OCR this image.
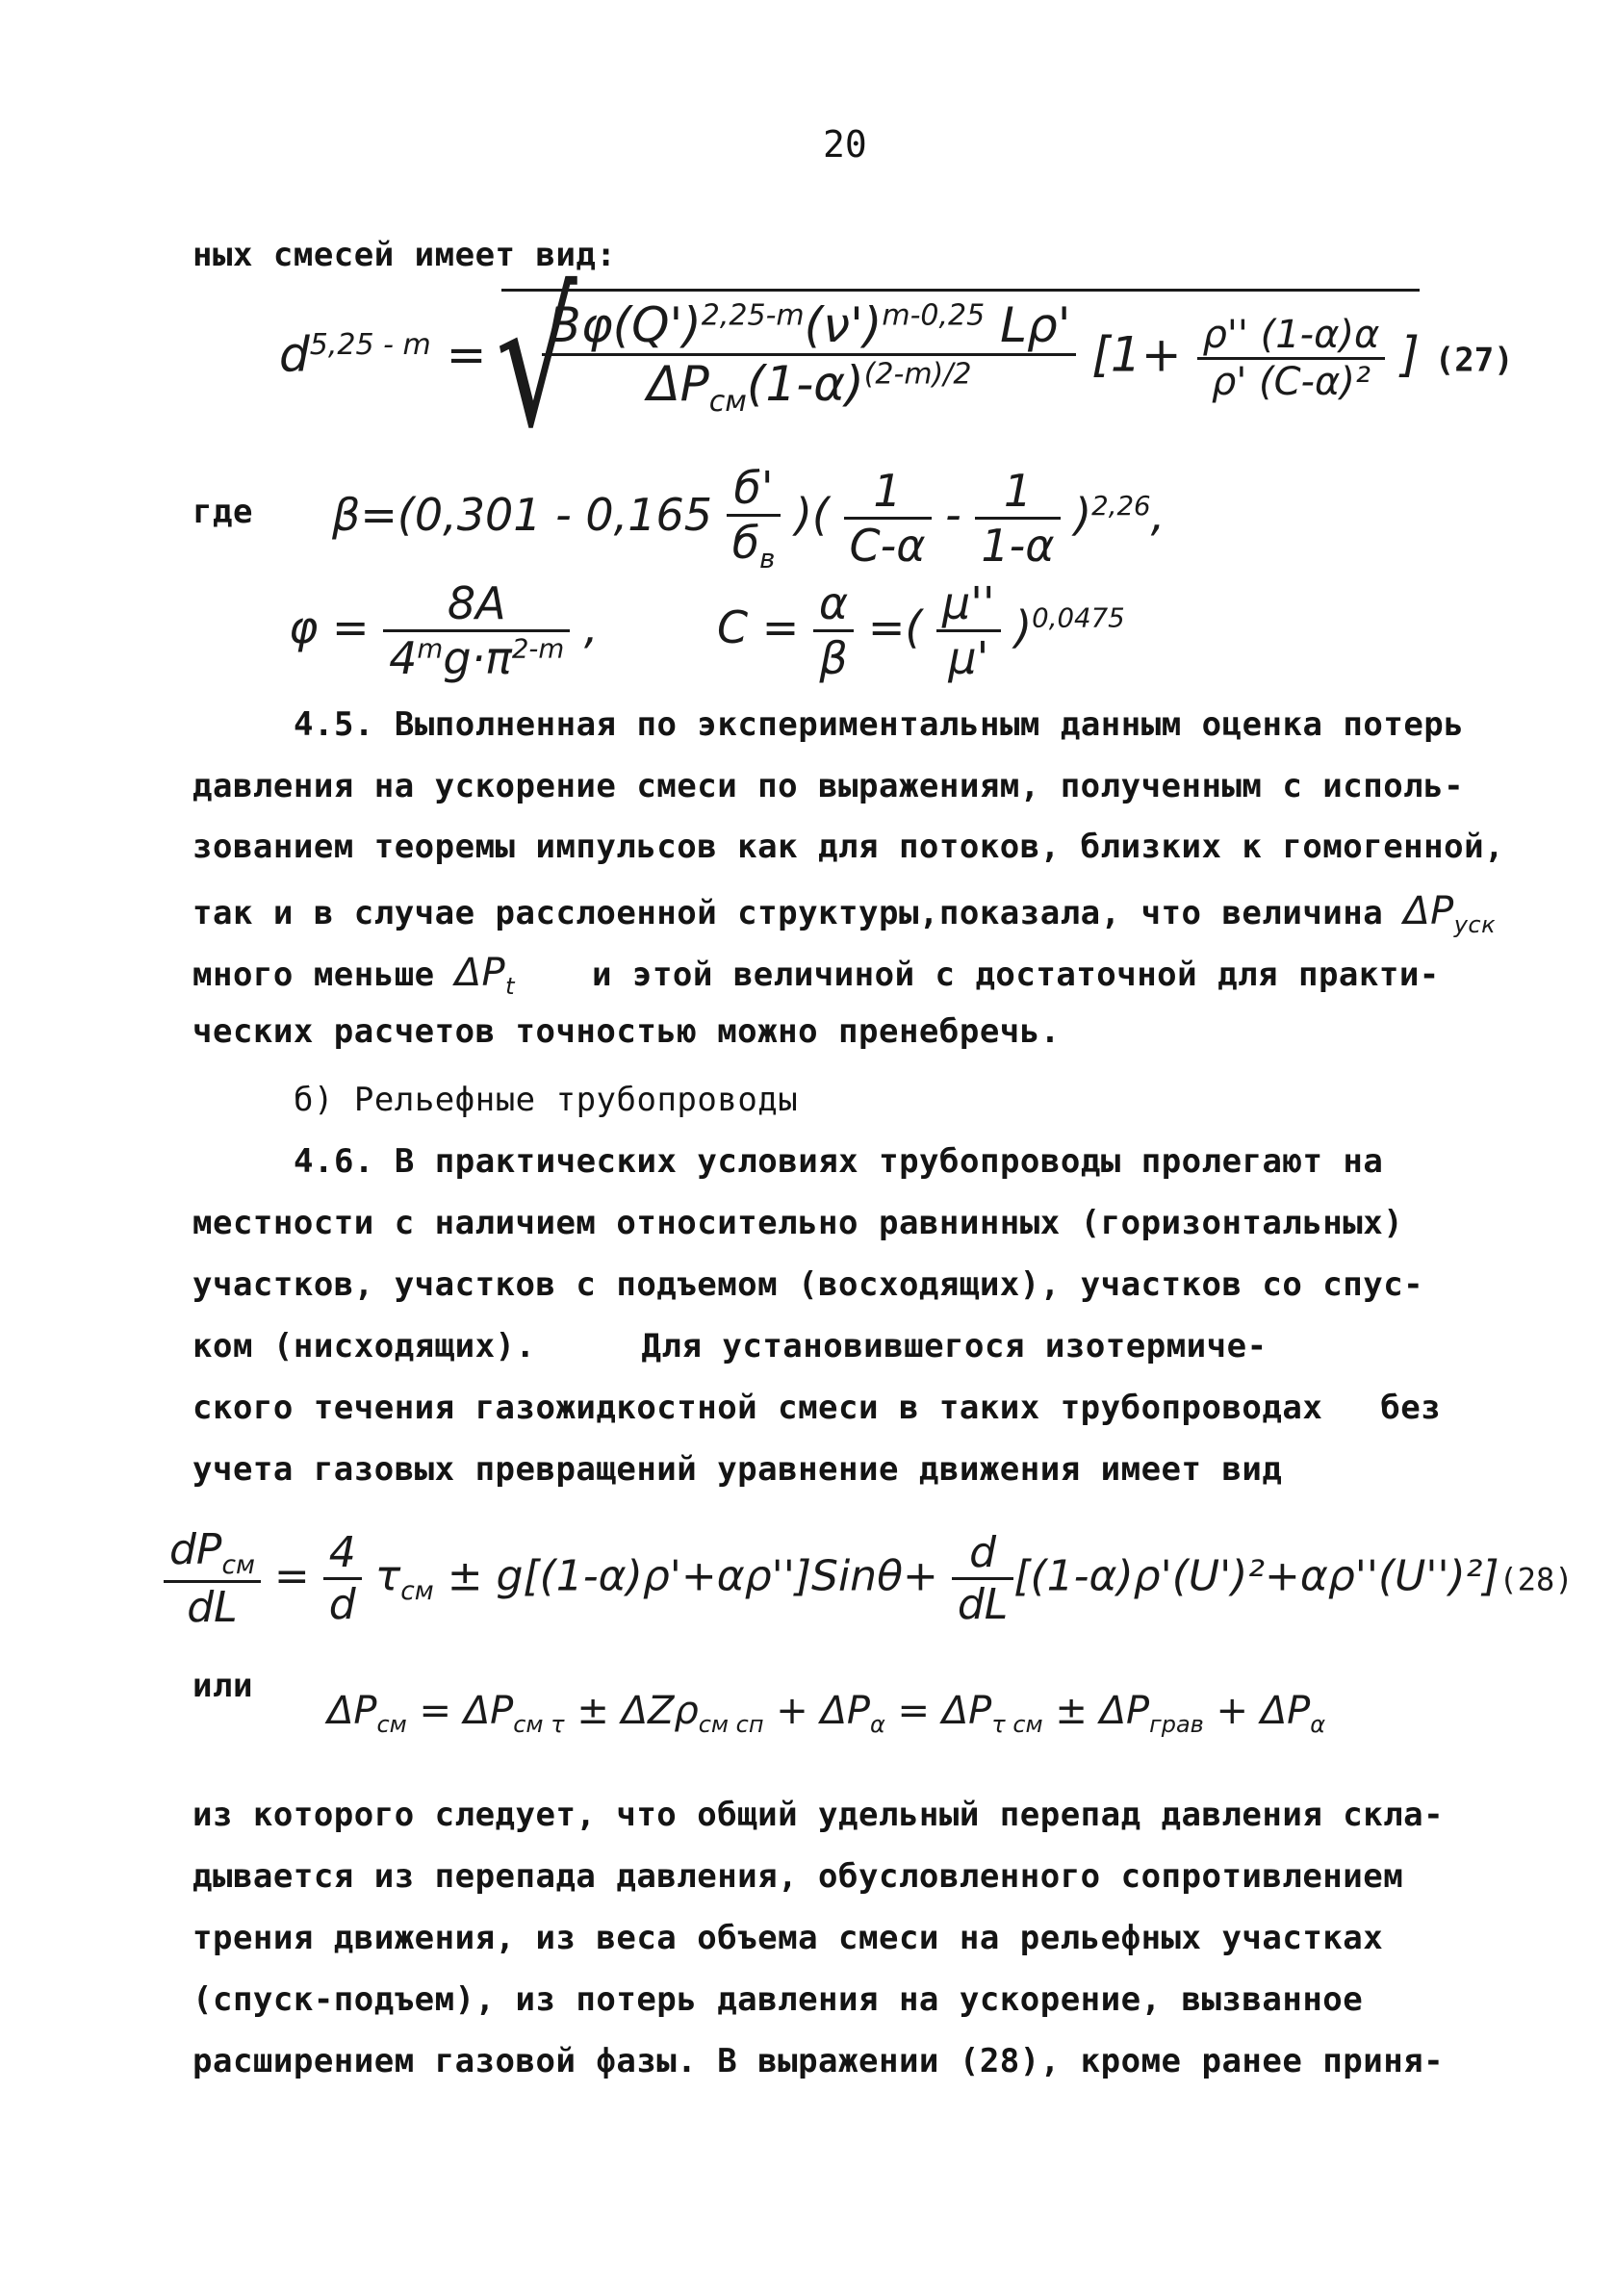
20
ных смесей имеет вид:
$d^{5,25 - m}$ =
√ $\frac{B\varphi(Q')^{2,25-m}(\nu')^{m-0,25} L\rho'}{\Delta P_{см}(1-\alpha)^{(2-m)/2}} [1+ \frac{\rho'' (1-\alpha)\alpha}{\text{ρ' (C-α)²}}$ ] (27)
где $\beta=(0,301 - 0,165 \frac{б'}{б_в}$ )( $\frac{1}{C-\alpha} - \frac{1}{1-\alpha} )^{2,26}$,
$\varphi = \frac{8A}{4^mg\cdot\pi^{2-m}}$ ,	$C = \frac{\alpha}{\beta}$ =( $\frac{\mu''}{\mu'} )^{0,0475}$
4.5. Выполненная по экспериментальным данным оценка потерь
давления на ускорение смеси по выражениям, полученным с исполь-
зованием теоремы импульсов как для потоков, близких к гомогенной,
так и в случае расслоенной структуры,показала, что величина $\Delta P_{уск}$
много меньше $\Delta P_t$ и этой величиной с достаточной для практи-
ческих расчетов точностью можно пренебречь.
б) Рельефные трубопроводы
4.6. В практических условиях трубопроводы пролегают на
местности с наличием относительно равнинных (горизонтальных)
участков, участков с подъемом (восходящих), участков со спус-
ком (нисходящих).	Для установившегося изотермиче-
ского течения газожидкостной смеси в таких трубопроводах без
учета газовых превращений уравнение движения имеет вид
$\frac{dP_{см}}{dL} = \frac{4}{d} \tau_{см} \pm g[(1-\alpha)\rho'+\alpha\rho'']Sin\theta+ \frac{d}{dL} [(1-\alpha)\rho'(U')^2+\alpha\rho''(U'')^2](28)$
или
$\Delta P_{см} = \Delta P_{см \tau} \pm \Delta Z\rho_{см сп} + \Delta P_\alpha = \Delta P_{\tau см} \pm \Delta P_{грав} + \Delta P_\alpha$
из которого следует, что общий удельный перепад давления скла-
дывается из перепада давления, обусловленного сопротивлением
трения движения, из веса объема смеси на рельефных участках
(спуск-подъем), из потерь давления на ускорение, вызванное
расширением газовой фазы. В выражении (28), кроме ранее приня-
